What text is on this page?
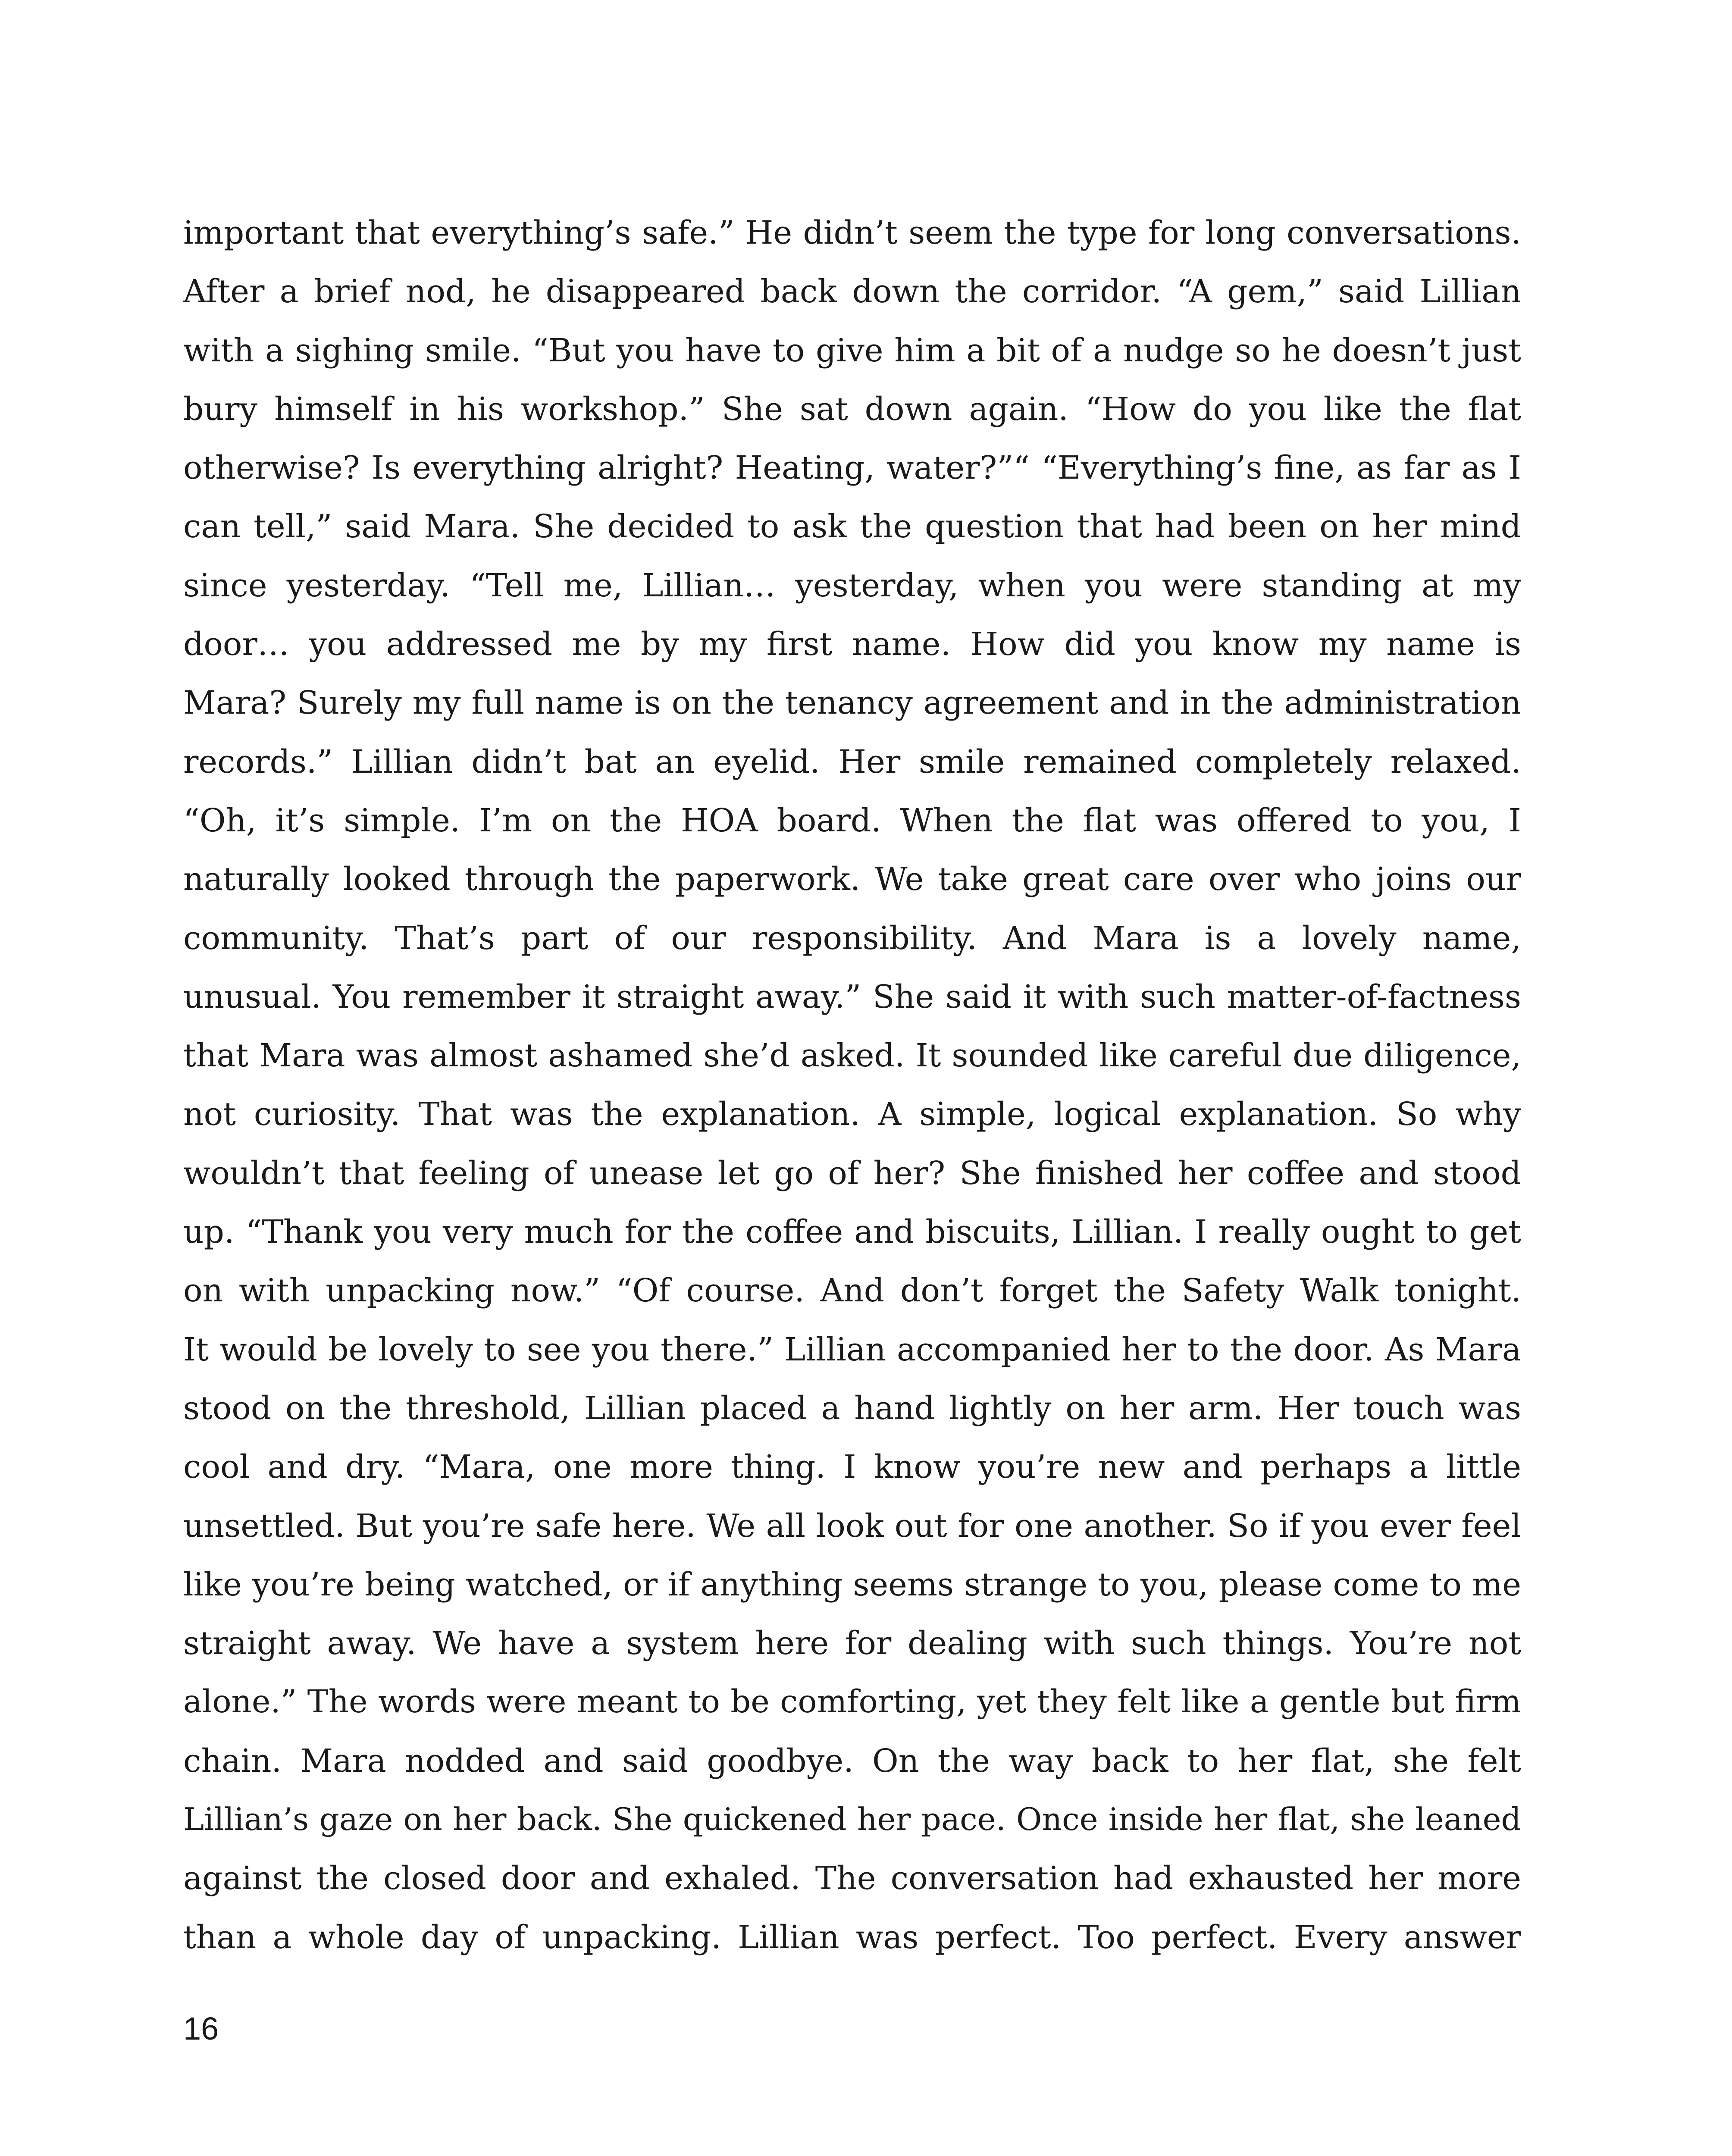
important that everything’s safe.” He didn’t seem the type for long conversations.
After a brief nod, he disappeared back down the corridor. “A gem,” said Lillian
with a sighing smile. “But you have to give him a bit of a nudge so he doesn’t just
bury himself in his workshop.” She sat down again. “How do you like the flat
otherwise? Is everything alright? Heating, water?”“ “Everything’s fine, as far as I
can tell,” said Mara. She decided to ask the question that had been on her mind
since yesterday. “Tell me, Lillian… yesterday, when you were standing at my
door… you addressed me by my first name. How did you know my name is
Mara? Surely my full name is on the tenancy agreement and in the administration
records.” Lillian didn’t bat an eyelid. Her smile remained completely relaxed.
“Oh, it’s simple. I’m on the HOA board. When the flat was offered to you, I
naturally looked through the paperwork. We take great care over who joins our
community. That’s part of our responsibility. And Mara is a lovely name,
unusual. You remember it straight away.” She said it with such matter-of-factness
that Mara was almost ashamed she’d asked. It sounded like careful due diligence,
not curiosity. That was the explanation. A simple, logical explanation. So why
wouldn’t that feeling of unease let go of her? She finished her coffee and stood
up. “Thank you very much for the coffee and biscuits, Lillian. I really ought to get
on with unpacking now.” “Of course. And don’t forget the Safety Walk tonight.
It would be lovely to see you there.” Lillian accompanied her to the door. As Mara
stood on the threshold, Lillian placed a hand lightly on her arm. Her touch was
cool and dry. “Mara, one more thing. I know you’re new and perhaps a little
unsettled. But you’re safe here. We all look out for one another. So if you ever feel
like you’re being watched, or if anything seems strange to you, please come to me
straight away. We have a system here for dealing with such things. You’re not
alone.” The words were meant to be comforting, yet they felt like a gentle but firm
chain. Mara nodded and said goodbye. On the way back to her flat, she felt
Lillian’s gaze on her back. She quickened her pace. Once inside her flat, she leaned
against the closed door and exhaled. The conversation had exhausted her more
than a whole day of unpacking. Lillian was perfect. Too perfect. Every answer
16
